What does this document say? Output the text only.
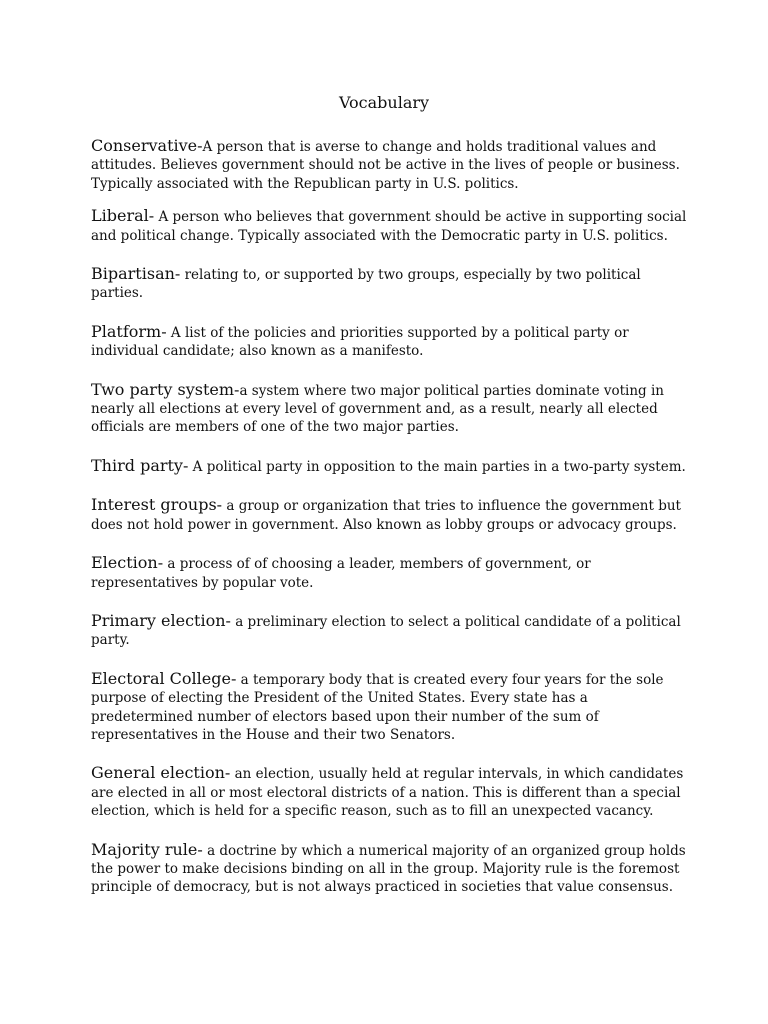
Vocabulary

Conservative-A person that is averse to change and holds traditional values and attitudes. Believes government should not be active in the lives of people or business. Typically associated with the Republican party in U.S. politics.

Liberal- A person who believes that government should be active in supporting social and political change. Typically associated with the Democratic party in U.S. politics.

Bipartisan- relating to, or supported by two groups, especially by two political parties.

Platform- A list of the policies and priorities supported by a political party or individual candidate; also known as a manifesto.

Two party system-a system where two major political parties dominate voting in nearly all elections at every level of government and, as a result, nearly all elected officials are members of one of the two major parties.

Third party- A political party in opposition to the main parties in a two-party system.

Interest groups- a group or organization that tries to influence the government but does not hold power in government. Also known as lobby groups or advocacy groups.

Election- a process of of choosing a leader, members of government, or representatives by popular vote.

Primary election- a preliminary election to select a political candidate of a political party.

Electoral College- a temporary body that is created every four years for the sole purpose of electing the President of the United States. Every state has a predetermined number of electors based upon their number of the sum of representatives in the House and their two Senators.

General election- an election, usually held at regular intervals, in which candidates are elected in all or most electoral districts of a nation. This is different than a special election, which is held for a specific reason, such as to fill an unexpected vacancy.

Majority rule- a doctrine by which a numerical majority of an organized group holds the power to make decisions binding on all in the group. Majority rule is the foremost principle of democracy, but is not always practiced in societies that value consensus.
